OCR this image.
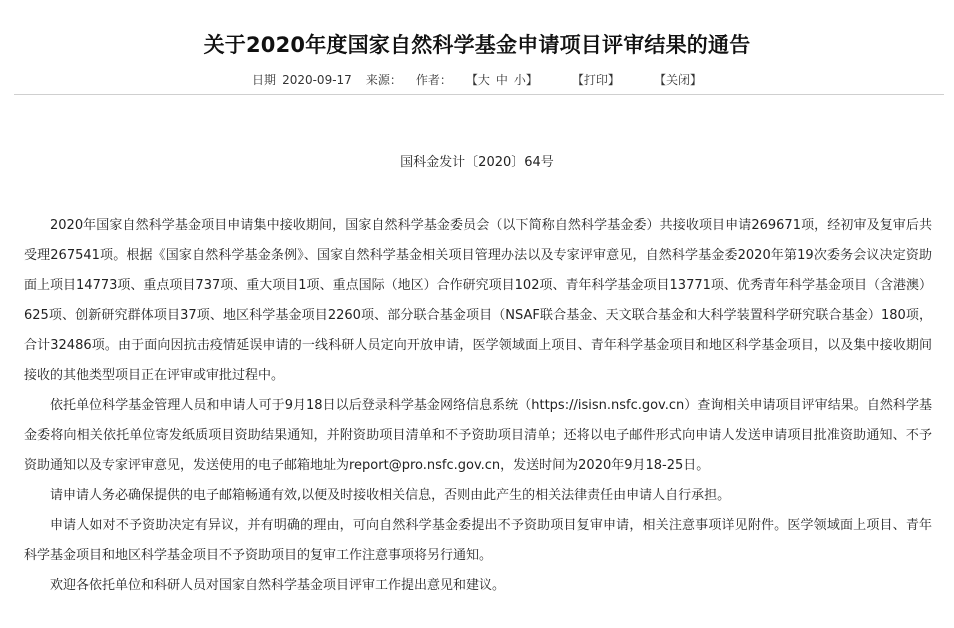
关于2020年度国家自然科学基金申请项目评审结果的通告
日期 2020-09-17 来源： 作者： 【大 中 小】	【打印】	【关闭】
国科金发计〔2020〕64号

2020年国家自然科学基金项目申请集中接收期间，国家自然科学基金委员会（以下简称自然科学基金委）共接收项目申请269671项，经初审及复审后共受理267541项。根据《国家自然科学基金条例》、国家自然科学基金相关项目管理办法以及专家评审意见，自然科学基金委2020年第19次委务会议决定资助面上项目14773项、重点项目737项、重大项目1项、重点国际（地区）合作研究项目102项、青年科学基金项目13771项、优秀青年科学基金项目（含港澳）625项、创新研究群体项目37项、地区科学基金项目2260项、部分联合基金项目（NSAF联合基金、天文联合基金和大科学装置科学研究联合基金）180项，合计32486项。由于面向因抗击疫情延误申请的一线科研人员定向开放申请，医学领域面上项目、青年科学基金项目和地区科学基金项目，以及集中接收期间接收的其他类型项目正在评审或审批过程中。

依托单位科学基金管理人员和申请人可于9月18日以后登录科学基金网络信息系统（https://isisn.nsfc.gov.cn）查询相关申请项目评审结果。自然科学基金委将向相关依托单位寄发纸质项目资助结果通知，并附资助项目清单和不予资助项目清单；还将以电子邮件形式向申请人发送申请项目批准资助通知、不予资助通知以及专家评审意见，发送使用的电子邮箱地址为report@pro.nsfc.gov.cn，发送时间为2020年9月18-25日。

请申请人务必确保提供的电子邮箱畅通有效,以便及时接收相关信息，否则由此产生的相关法律责任由申请人自行承担。

申请人如对不予资助决定有异议，并有明确的理由，可向自然科学基金委提出不予资助项目复审申请，相关注意事项详见附件。医学领域面上项目、青年科学基金项目和地区科学基金项目不予资助项目的复审工作注意事项将另行通知。

欢迎各依托单位和科研人员对国家自然科学基金项目评审工作提出意见和建议。
